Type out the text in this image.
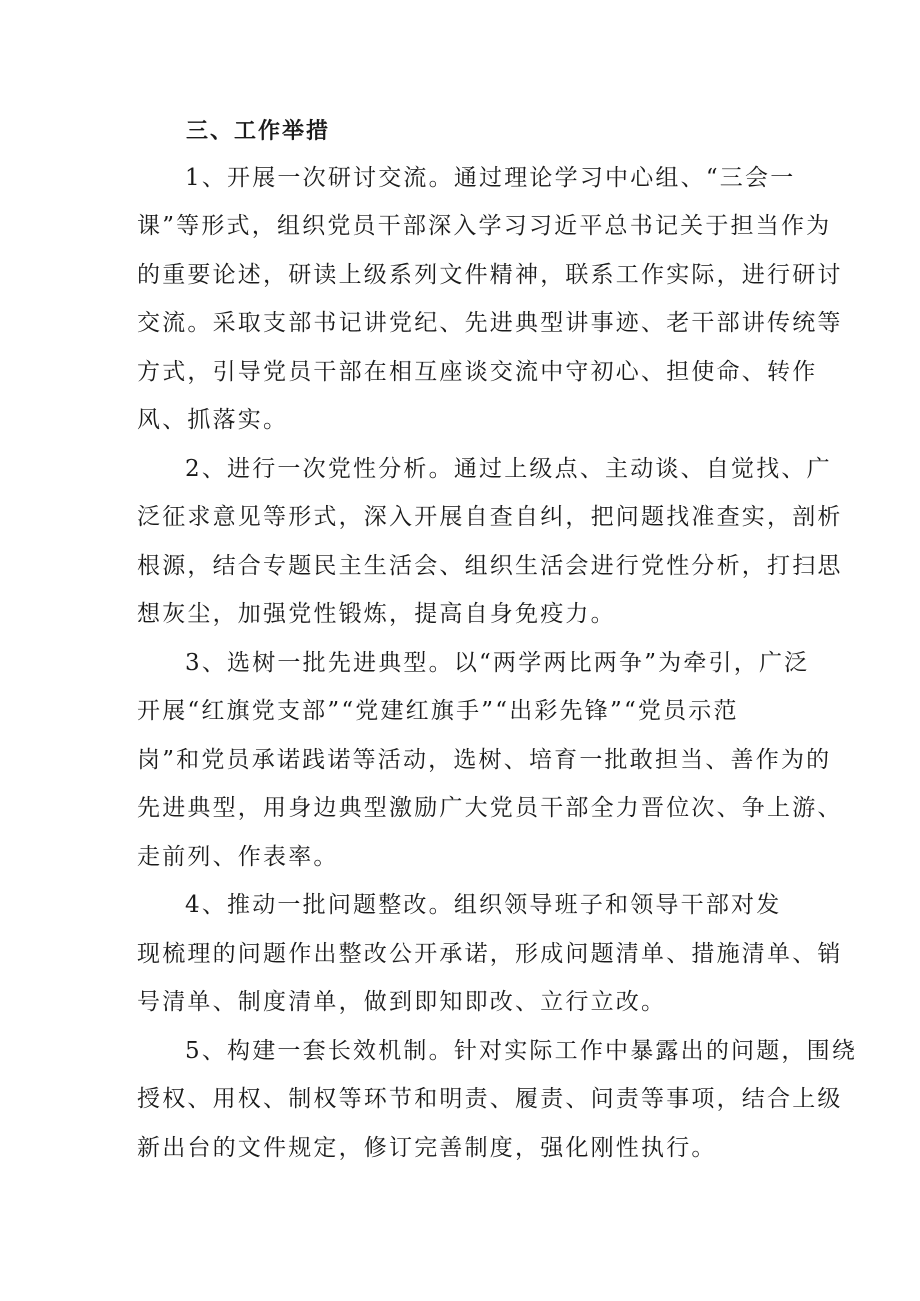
三、工作举措
1、开展一次研讨交流。通过理论学习中心组、“三会一
课”等形式，组织党员干部深入学习习近平总书记关于担当作为
的重要论述，研读上级系列文件精神，联系工作实际，进行研讨
交流。采取支部书记讲党纪、先进典型讲事迹、老干部讲传统等
方式，引导党员干部在相互座谈交流中守初心、担使命、转作
风、抓落实。
2、进行一次党性分析。通过上级点、主动谈、自觉找、广
泛征求意见等形式，深入开展自查自纠，把问题找准查实，剖析
根源，结合专题民主生活会、组织生活会进行党性分析，打扫思
想灰尘，加强党性锻炼，提高自身免疫力。
3、选树一批先进典型。以“两学两比两争”为牵引，广泛
开展“红旗党支部”“党建红旗手”“出彩先锋”“党员示范
岗”和党员承诺践诺等活动，选树、培育一批敢担当、善作为的
先进典型，用身边典型激励广大党员干部全力晋位次、争上游、
走前列、作表率。
4、推动一批问题整改。组织领导班子和领导干部对发
现梳理的问题作出整改公开承诺，形成问题清单、措施清单、销
号清单、制度清单，做到即知即改、立行立改。
5、构建一套长效机制。针对实际工作中暴露出的问题，围绕
授权、用权、制权等环节和明责、履责、问责等事项，结合上级
新出台的文件规定，修订完善制度，强化刚性执行。
